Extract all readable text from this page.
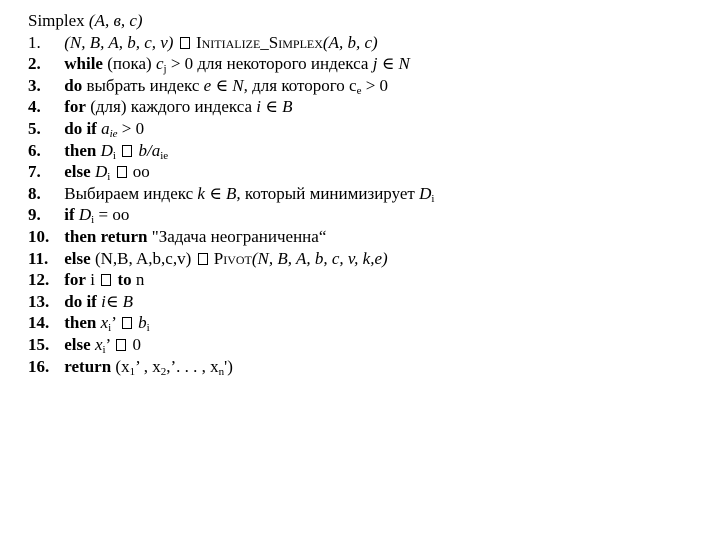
Simplex (A, в, с)
1. (N, B, A, b, c, v) Initialize_Simplex(A, b, c)
2. while (пока) $c_j > 0$ для некоторого индекса j ∈ N
3. do выбрать индекс e ∈ N, для которого $c_e > 0$
4. for (для) каждого индекса i ∈ B
5. do if $a_{ie} > 0$
6. then $D_i$ $b/a_{ie}$
7. else $D_i$ oo
8. Выбираем индекс k ∈ B, который минимизирует $D_i$
9. if $D_i$ = oo
10. then return "Задача неограниченна“
11. else (N,B, A,b,c,v) Pivot(N, B, A, b, c, v, k,e)
12. for i to n
13. do if i∈ B
14. then $x_i$’ $b_i$
15. else $x_i$’ 0
16. return ($x_1$’ , $x_2$,’. . . , $x_n'$)
